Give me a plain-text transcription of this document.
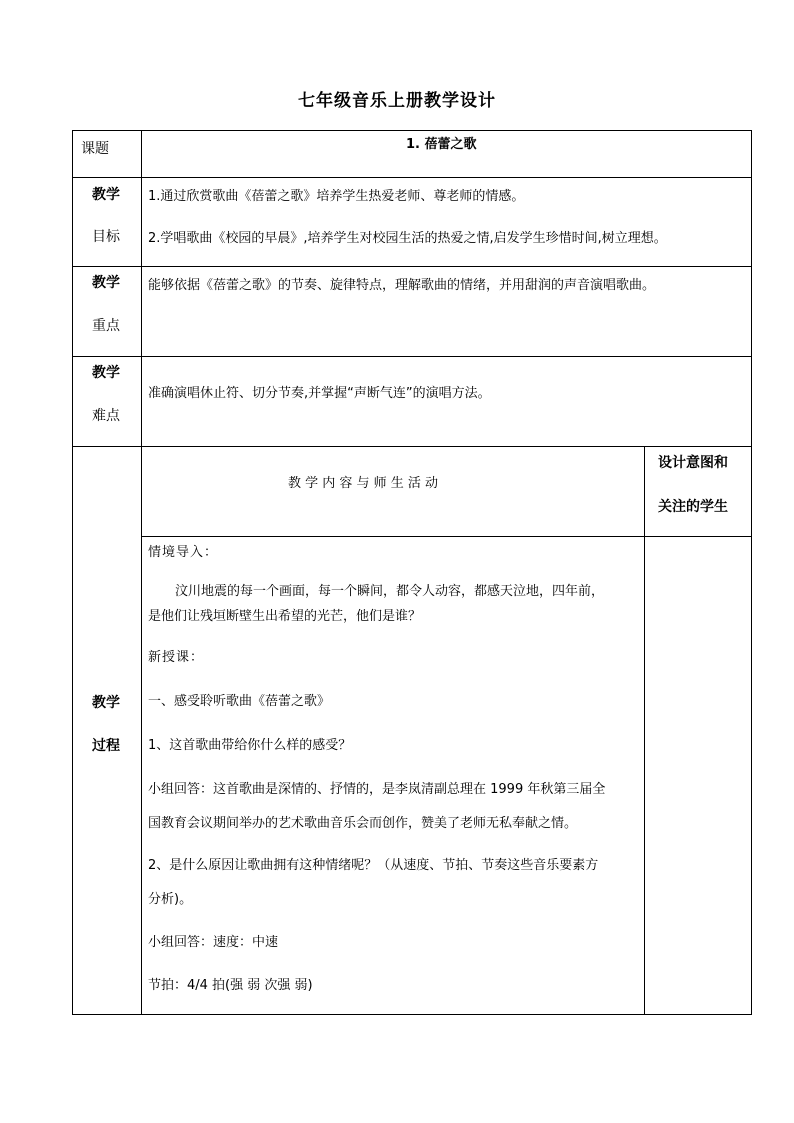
七年级音乐上册教学设计
课题	1. 蓓蕾之歌
教学
目标
1.通过欣赏歌曲《蓓蕾之歌》培养学生热爱老师、尊老师的情感。
2.学唱歌曲《校园的早晨》,培养学生对校园生活的热爱之情,启发学生珍惜时间,树立理想。
教学
重点
能够依据《蓓蕾之歌》的节奏、旋律特点，理解歌曲的情绪，并用甜润的声音演唱歌曲。
教学
难点
准确演唱休止符、切分节奏,并掌握“声断气连”的演唱方法。
教学
过程
教 学 内 容 与 师 生 活 动
设计意图和
关注的学生
情境导入：
汶川地震的每一个画面，每一个瞬间，都令人动容，都感天泣地，四年前，
是他们让残垣断壁生出希望的光芒，他们是谁？
新授课：
一、感受聆听歌曲《蓓蕾之歌》
1、这首歌曲带给你什么样的感受？
小组回答：这首歌曲是深情的、抒情的，是李岚清副总理在 1999 年秋第三届全
国教育会议期间举办的艺术歌曲音乐会而创作，赞美了老师无私奉献之情。
2、是什么原因让歌曲拥有这种情绪呢？（从速度、节拍、节奏这些音乐要素方
分析)。
小组回答：速度：中速
节拍：4/4 拍(强 弱 次强 弱)
